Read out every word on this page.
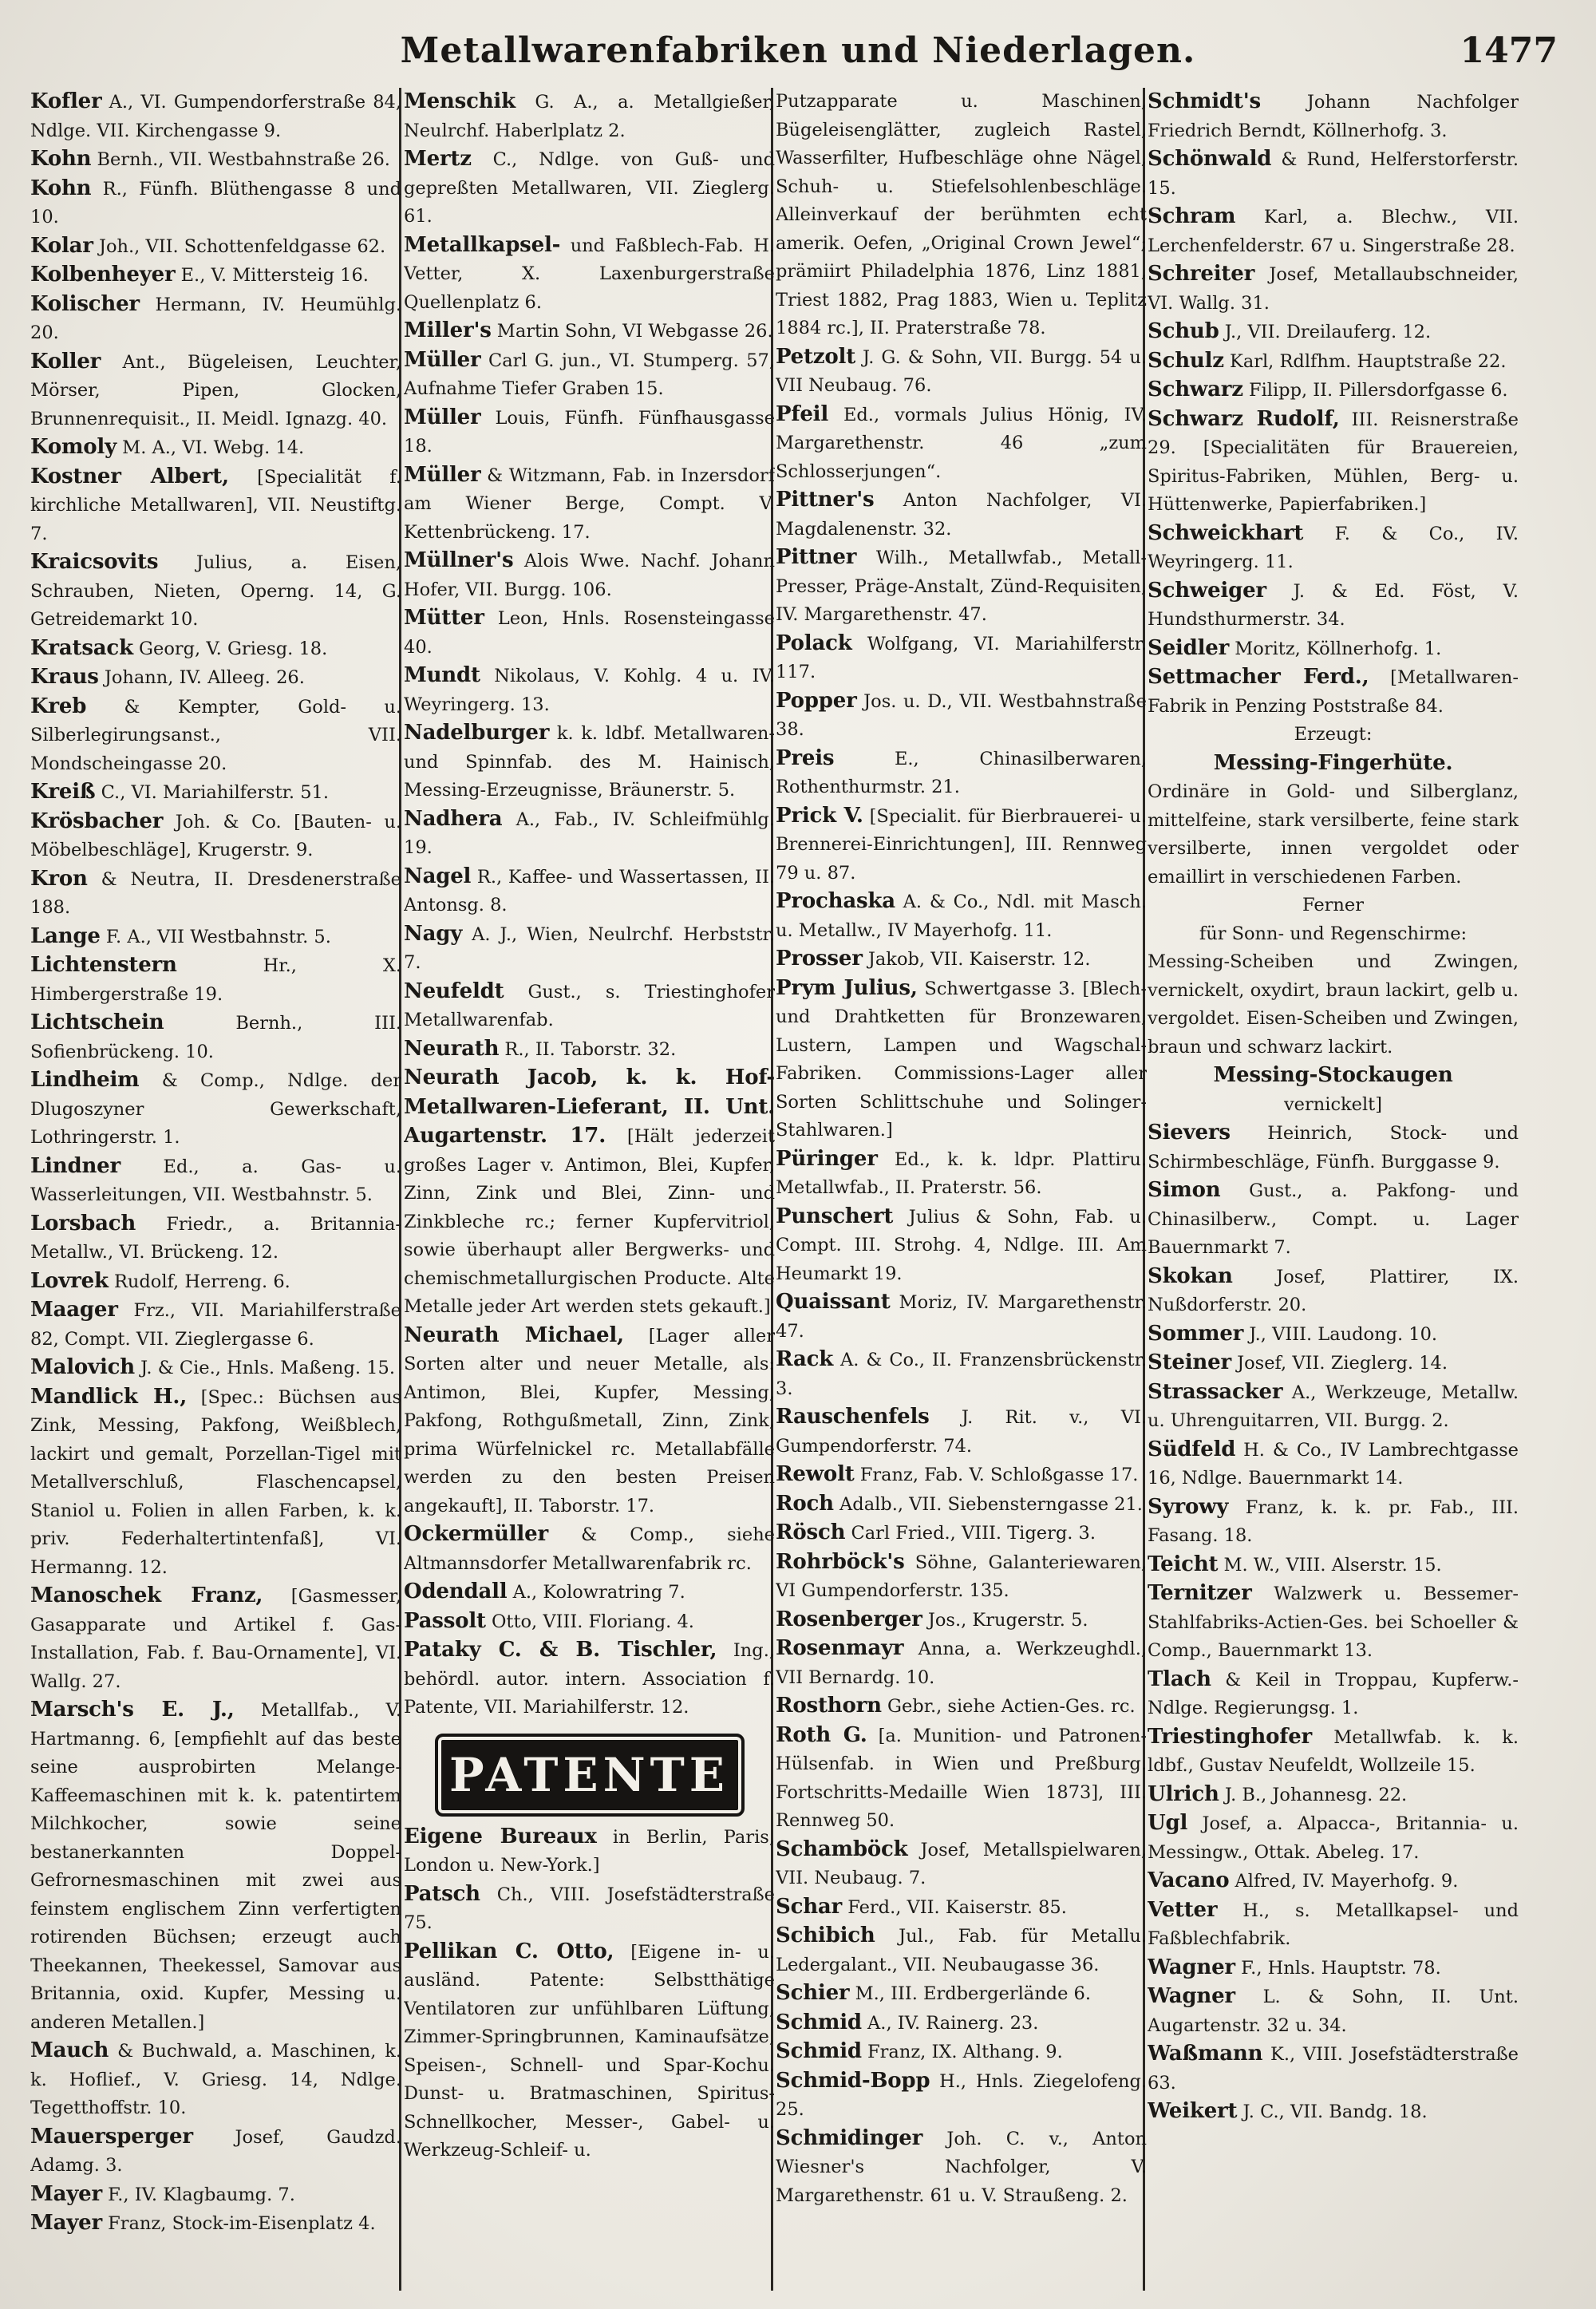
Metallwarenfabriken und Niederlagen.	1477
Kofler A., VI. Gumpendorferstraße 84, Ndlge. VII. Kirchengasse 9.
Kohn Bernh., VII. Westbahnstraße 26.
Kohn R., Fünfh. Blüthengasse 8 und 10.
Kolar Joh., VII. Schottenfeldgasse 62.
Kolbenheyer E., V. Mittersteig 16.
Kolischer Hermann, IV. Heumühlg. 20.
Koller Ant., Bügeleisen, Leuchter, Mörser, Pipen, Glocken, Brunnenrequisit., II. Meidl. Ignazg. 40.
Komoly M. A., VI. Webg. 14.
Kostner Albert, [Specialität f. kirchliche Metallwaren], VII. Neustiftg. 7.
Kraicsovits Julius, a. Eisen, Schrauben, Nieten, Operng. 14, G. Getreidemarkt 10.
Kratsack Georg, V. Griesg. 18.
Kraus Johann, IV. Alleeg. 26.
Kreb & Kempter, Gold- u. Silberlegirungsanst., VII. Mondscheingasse 20.
Kreiß C., VI. Mariahilferstr. 51.
Krösbacher Joh. & Co. [Bauten- u. Möbelbeschläge], Krugerstr. 9.
Kron & Neutra, II. Dresdenerstraße 188.
Lange F. A., VII Westbahnstr. 5.
Lichtenstern Hr., X. Himbergerstraße 19.
Lichtschein Bernh., III. Sofienbrückeng. 10.
Lindheim & Comp., Ndlge. der Dlugoszyner Gewerkschaft, Lothringerstr. 1.
Lindner Ed., a. Gas- u. Wasserleitungen, VII. Westbahnstr. 5.
Lorsbach Friedr., a. Britannia-Metallw., VI. Brückeng. 12.
Lovrek Rudolf, Herreng. 6.
Maager Frz., VII. Mariahilferstraße 82, Compt. VII. Zieglergasse 6.
Malovich J. & Cie., Hnls. Maßeng. 15.
Mandlick H., [Spec.: Büchsen aus Zink, Messing, Pakfong, Weißblech, lackirt und gemalt, Porzellan-Tigel mit Metallverschluß, Flaschencapsel, Staniol u. Folien in allen Farben, k. k. priv. Federhaltertintenfaß], VI. Hermanng. 12.
Manoschek Franz, [Gasmesser, Gasapparate und Artikel f. Gas-Installation, Fab. f. Bau-Ornamente], VI. Wallg. 27.
Marsch's E. J., Metallfab., V. Hartmanng. 6, [empfiehlt auf das beste seine ausprobirten Melange-Kaffeemaschinen mit k. k. patentirtem Milchkocher, sowie seine bestanerkannten Doppel-Gefrornesmaschinen mit zwei aus feinstem englischem Zinn verfertigten rotirenden Büchsen; erzeugt auch Theekannen, Theekessel, Samovar aus Britannia, oxid. Kupfer, Messing u. anderen Metallen.]
Mauch & Buchwald, a. Maschinen, k. k. Hoflief., V. Griesg. 14, Ndlge. Tegetthoffstr. 10.
Mauersperger Josef, Gaudzd. Adamg. 3.
Mayer F., IV. Klagbaumg. 7.
Mayer Franz, Stock-im-Eisenplatz 4.
Menschik G. A., a. Metallgießer, Neulrchf. Haberlplatz 2.
Mertz C., Ndlge. von Guß- und gepreßten Metallwaren, VII. Zieglerg. 61.
Metallkapsel- und Faßblech-Fab. H. Vetter, X. Laxenburgerstraße Quellenplatz 6.
Miller's Martin Sohn, VI Webgasse 26.
Müller Carl G. jun., VI. Stumperg. 57, Aufnahme Tiefer Graben 15.
Müller Louis, Fünfh. Fünfhausgasse 18.
Müller & Witzmann, Fab. in Inzersdorf am Wiener Berge, Compt. V. Kettenbrückeng. 17.
Müllner's Alois Wwe. Nachf. Johann Hofer, VII. Burgg. 106.
Mütter Leon, Hnls. Rosensteingasse 40.
Mundt Nikolaus, V. Kohlg. 4 u. IV. Weyringerg. 13.
Nadelburger k. k. ldbf. Metallwaren- und Spinnfab. des M. Hainisch, Messing-Erzeugnisse, Bräunerstr. 5.
Nadhera A., Fab., IV. Schleifmühlg. 19.
Nagel R., Kaffee- und Wassertassen, II. Antonsg. 8.
Nagy A. J., Wien, Neulrchf. Herbststr. 7.
Neufeldt Gust., s. Triestinghofer Metallwarenfab.
Neurath R., II. Taborstr. 32.
Neurath Jacob, k. k. Hof-Metallwaren-Lieferant, II. Unt. Augartenstr. 17. [Hält jederzeit großes Lager v. Antimon, Blei, Kupfer, Zinn, Zink und Blei, Zinn- und Zinkbleche rc.; ferner Kupfervitriol, sowie überhaupt aller Bergwerks- und chemischmetallurgischen Producte. Alte Metalle jeder Art werden stets gekauft.]
Neurath Michael, [Lager aller Sorten alter und neuer Metalle, als: Antimon, Blei, Kupfer, Messing, Pakfong, Rothgußmetall, Zinn, Zink, prima Würfelnickel rc. Metallabfälle werden zu den besten Preisen angekauft], II. Taborstr. 17.
Ockermüller & Comp., siehe Altmannsdorfer Metallwarenfabrik rc.
Odendall A., Kolowratring 7.
Passolt Otto, VIII. Floriang. 4.
Pataky C. & B. Tischler, Ing., behördl. autor. intern. Association f. Patente, VII. Mariahilferstr. 12.
PATENTE
Eigene Bureaux in Berlin, Paris, London u. New-York.]
Patsch Ch., VIII. Josefstädterstraße 75.
Pellikan C. Otto, [Eigene in- u. ausländ. Patente: Selbstthätige Ventilatoren zur unfühlbaren Lüftung, Zimmer-Springbrunnen, Kaminaufsätze, Speisen-, Schnell- und Spar-Kochu. Dunst- u. Bratmaschinen, Spiritus-Schnellkocher, Messer-, Gabel- u. Werkzeug-Schleif- u.
Putzapparate u. Maschinen, Bügeleisenglätter, zugleich Rastel, Wasserfilter, Hufbeschläge ohne Nägel, Schuh- u. Stiefelsohlenbeschläge. Alleinverkauf der berühmten echt amerik. Oefen, „Original Crown Jewel“; prämiirt Philadelphia 1876, Linz 1881, Triest 1882, Prag 1883, Wien u. Teplitz 1884 rc.], II. Praterstraße 78.
Petzolt J. G. & Sohn, VII. Burgg. 54 u. VII Neubaug. 76.
Pfeil Ed., vormals Julius Hönig, IV. Margarethenstr. 46 „zum Schlosserjungen“.
Pittner's Anton Nachfolger, VI. Magdalenenstr. 32.
Pittner Wilh., Metallwfab., Metall-Presser, Präge-Anstalt, Zünd-Requisiten, IV. Margarethenstr. 47.
Polack Wolfgang, VI. Mariahilferstr. 117.
Popper Jos. u. D., VII. Westbahnstraße 38.
Preis E., Chinasilberwaren, Rothenthurmstr. 21.
Prick V. [Specialit. für Bierbrauerei- u. Brennerei-Einrichtungen], III. Rennweg 79 u. 87.
Prochaska A. & Co., Ndl. mit Masch. u. Metallw., IV Mayerhofg. 11.
Prosser Jakob, VII. Kaiserstr. 12.
Prym Julius, Schwertgasse 3. [Blech- und Drahtketten für Bronzewaren, Lustern, Lampen und Wagschal-Fabriken. Commissions-Lager aller Sorten Schlittschuhe und Solinger-Stahlwaren.]
Püringer Ed., k. k. ldpr. Plattiru. Metallwfab., II. Praterstr. 56.
Punschert Julius & Sohn, Fab. u. Compt. III. Strohg. 4, Ndlge. III. Am Heumarkt 19.
Quaissant Moriz, IV. Margarethenstr. 47.
Rack A. & Co., II. Franzensbrückenstr. 3.
Rauschenfels J. Rit. v., VI. Gumpendorferstr. 74.
Rewolt Franz, Fab. V. Schloßgasse 17.
Roch Adalb., VII. Siebensterngasse 21.
Rösch Carl Fried., VIII. Tigerg. 3.
Rohrböck's Söhne, Galanteriewaren, VI Gumpendorferstr. 135.
Rosenberger Jos., Krugerstr. 5.
Rosenmayr Anna, a. Werkzeughdl., VII Bernardg. 10.
Rosthorn Gebr., siehe Actien-Ges. rc.
Roth G. [a. Munition- und Patronen-Hülsenfab. in Wien und Preßburg. Fortschritts-Medaille Wien 1873], III. Rennweg 50.
Schamböck Josef, Metallspielwaren, VII. Neubaug. 7.
Schar Ferd., VII. Kaiserstr. 85.
Schibich Jul., Fab. für Metallu. Ledergalant., VII. Neubaugasse 36.
Schier M., III. Erdbergerlände 6.
Schmid A., IV. Rainerg. 23.
Schmid Franz, IX. Althang. 9.
Schmid-Bopp H., Hnls. Ziegelofeng. 25.
Schmidinger Joh. C. v., Anton Wiesner's Nachfolger, V. Margarethenstr. 61 u. V. Straußeng. 2.
Schmidt's Johann Nachfolger Friedrich Berndt, Köllnerhofg. 3.
Schönwald & Rund, Helferstorferstr. 15.
Schram Karl, a. Blechw., VII. Lerchenfelderstr. 67 u. Singerstraße 28.
Schreiter Josef, Metallaubschneider, VI. Wallg. 31.
Schub J., VII. Dreilauferg. 12.
Schulz Karl, Rdlfhm. Hauptstraße 22.
Schwarz Filipp, II. Pillersdorfgasse 6.
Schwarz Rudolf, III. Reisnerstraße 29. [Specialitäten für Brauereien, Spiritus-Fabriken, Mühlen, Berg- u. Hüttenwerke, Papierfabriken.]
Schweickhart F. & Co., IV. Weyringerg. 11.
Schweiger J. & Ed. Föst, V. Hundsthurmerstr. 34.
Seidler Moritz, Köllnerhofg. 1.
Settmacher Ferd., [Metallwaren-Fabrik in Penzing Poststraße 84.
Erzeugt:
Messing-Fingerhüte.
Ordinäre in Gold- und Silberglanz, mittelfeine, stark versilberte, feine stark versilberte, innen vergoldet oder emaillirt in verschiedenen Farben.
Ferner
für Sonn- und Regenschirme:
Messing-Scheiben und Zwingen, vernickelt, oxydirt, braun lackirt, gelb u. vergoldet. Eisen-Scheiben und Zwingen, braun und schwarz lackirt.
Messing-Stockaugen
vernickelt]
Sievers Heinrich, Stock- und Schirmbeschläge, Fünfh. Burggasse 9.
Simon Gust., a. Pakfong- und Chinasilberw., Compt. u. Lager Bauernmarkt 7.
Skokan Josef, Plattirer, IX. Nußdorferstr. 20.
Sommer J., VIII. Laudong. 10.
Steiner Josef, VII. Zieglerg. 14.
Strassacker A., Werkzeuge, Metallw. u. Uhrenguitarren, VII. Burgg. 2.
Südfeld H. & Co., IV Lambrechtgasse 16, Ndlge. Bauernmarkt 14.
Syrowy Franz, k. k. pr. Fab., III. Fasang. 18.
Teicht M. W., VIII. Alserstr. 15.
Ternitzer Walzwerk u. Bessemer-Stahlfabriks-Actien-Ges. bei Schoeller & Comp., Bauernmarkt 13.
Tlach & Keil in Troppau, Kupferw.-Ndlge. Regierungsg. 1.
Triestinghofer Metallwfab. k. k. ldbf., Gustav Neufeldt, Wollzeile 15.
Ulrich J. B., Johannesg. 22.
Ugl Josef, a. Alpacca-, Britannia- u. Messingw., Ottak. Abeleg. 17.
Vacano Alfred, IV. Mayerhofg. 9.
Vetter H., s. Metallkapsel- und Faßblechfabrik.
Wagner F., Hnls. Hauptstr. 78.
Wagner L. & Sohn, II. Unt. Augartenstr. 32 u. 34.
Waßmann K., VIII. Josefstädterstraße 63.
Weikert J. C., VII. Bandg. 18.
